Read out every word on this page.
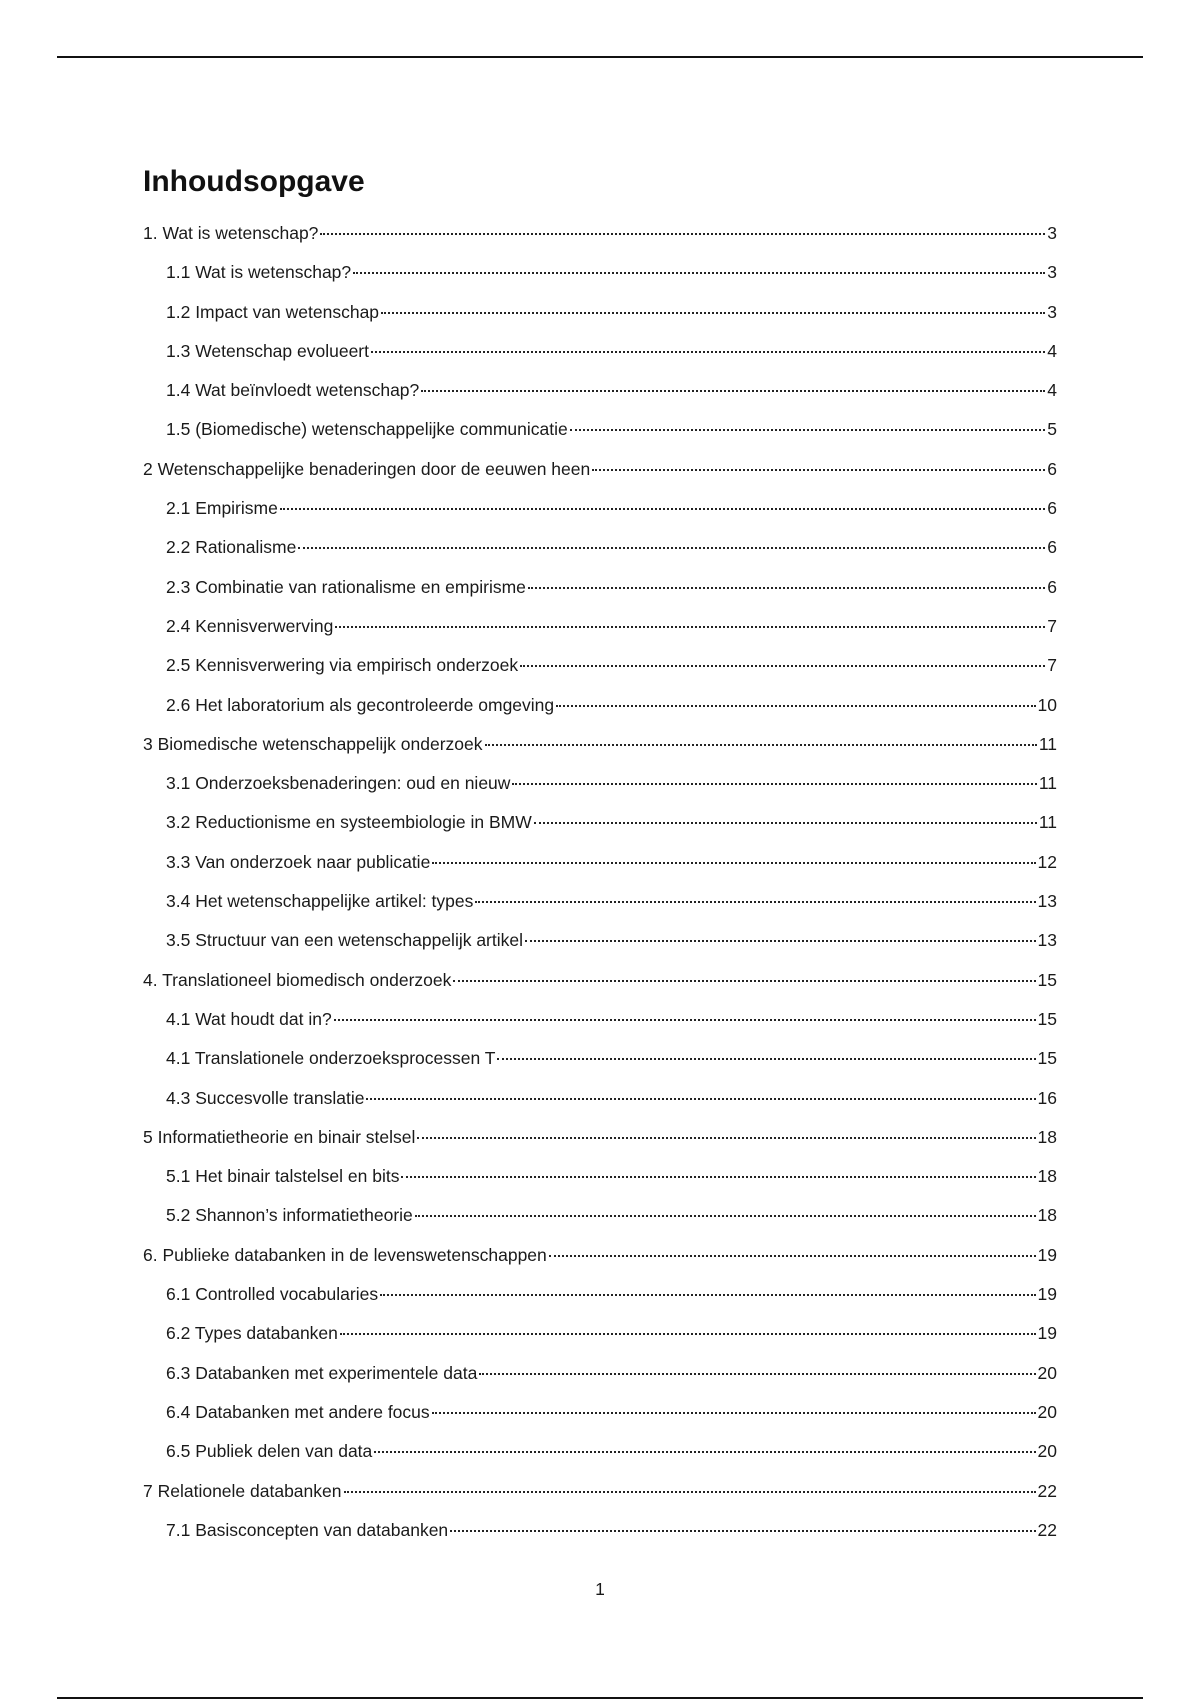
Inhoudsopgave
1. Wat is wetenschap?	3
1.1 Wat is wetenschap?	3
1.2 Impact van wetenschap	3
1.3 Wetenschap evolueert	4
1.4 Wat beïnvloedt wetenschap?	4
1.5 (Biomedische) wetenschappelijke communicatie	5
2 Wetenschappelijke benaderingen door de eeuwen heen	6
2.1 Empirisme	6
2.2 Rationalisme	6
2.3 Combinatie van rationalisme en empirisme	6
2.4 Kennisverwerving	7
2.5 Kennisverwering via empirisch onderzoek	7
2.6 Het laboratorium als gecontroleerde omgeving	10
3 Biomedische wetenschappelijk onderzoek	11
3.1 Onderzoeksbenaderingen: oud en nieuw	11
3.2 Reductionisme en systeembiologie in BMW	11
3.3 Van onderzoek naar publicatie	12
3.4 Het wetenschappelijke artikel: types	13
3.5 Structuur van een wetenschappelijk artikel	13
4. Translationeel biomedisch onderzoek	15
4.1 Wat houdt dat in?	15
4.1 Translationele onderzoeksprocessen T	15
4.3 Succesvolle translatie	16
5 Informatietheorie en binair stelsel	18
5.1 Het binair talstelsel en bits	18
5.2 Shannon’s informatietheorie	18
6. Publieke databanken in de levenswetenschappen	19
6.1 Controlled vocabularies	19
6.2 Types databanken	19
6.3 Databanken met experimentele data	20
6.4 Databanken met andere focus	20
6.5 Publiek delen van data	20
7 Relationele databanken	22
7.1 Basisconcepten van databanken	22
1
